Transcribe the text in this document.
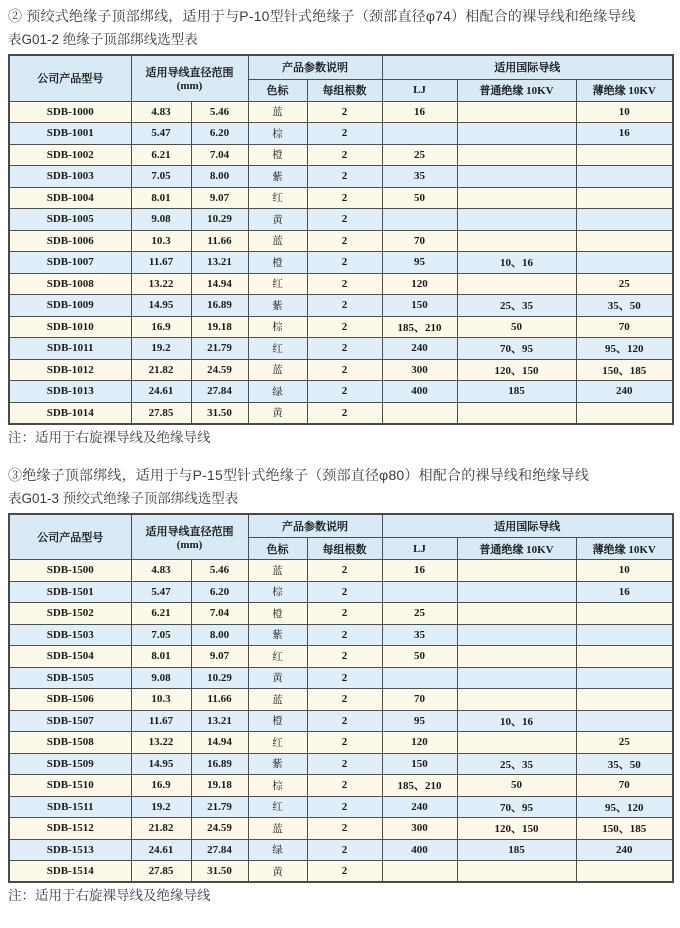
② 预绞式绝缘子顶部绑线，适用于与P-10型针式绝缘子（颈部直径φ74）相配合的裸导线和绝缘导线

表G01-2 绝缘子顶部绑线选型表

公司产品型号	适用导线直径范围(mm)		产品参数说明		适用国际导线		
			色标	每组根数	LJ	普通绝缘 10KV	薄绝缘 10KV
SDB-1000	4.83	5.46	蓝	2	16		10
SDB-1001	5.47	6.20	棕	2			16
SDB-1002	6.21	7.04	橙	2	25		
SDB-1003	7.05	8.00	紫	2	35		
SDB-1004	8.01	9.07	红	2	50		
SDB-1005	9.08	10.29	黄	2			
SDB-1006	10.3	11.66	蓝	2	70		
SDB-1007	11.67	13.21	橙	2	95	10、16	
SDB-1008	13.22	14.94	红	2	120		25
SDB-1009	14.95	16.89	紫	2	150	25、35	35、50
SDB-1010	16.9	19.18	棕	2	185、210	50	70
SDB-1011	19.2	21.79	红	2	240	70、95	95、120
SDB-1012	21.82	24.59	蓝	2	300	120、150	150、185
SDB-1013	24.61	27.84	绿	2	400	185	240
SDB-1014	27.85	31.50	黄	2			

注：适用于右旋裸导线及绝缘导线

③绝缘子顶部绑线，适用于与P-15型针式绝缘子（颈部直径φ80）相配合的裸导线和绝缘导线

表G01-3 预绞式绝缘子顶部绑线选型表

公司产品型号	适用导线直径范围(mm)		产品参数说明		适用国际导线		
			色标	每组根数	LJ	普通绝缘 10KV	薄绝缘 10KV
SDB-1500	4.83	5.46	蓝	2	16		10
SDB-1501	5.47	6.20	棕	2			16
SDB-1502	6.21	7.04	橙	2	25		
SDB-1503	7.05	8.00	紫	2	35		
SDB-1504	8.01	9.07	红	2	50		
SDB-1505	9.08	10.29	黄	2			
SDB-1506	10.3	11.66	蓝	2	70		
SDB-1507	11.67	13.21	橙	2	95	10、16	
SDB-1508	13.22	14.94	红	2	120		25
SDB-1509	14.95	16.89	紫	2	150	25、35	35、50
SDB-1510	16.9	19.18	棕	2	185、210	50	70
SDB-1511	19.2	21.79	红	2	240	70、95	95、120
SDB-1512	21.82	24.59	蓝	2	300	120、150	150、185
SDB-1513	24.61	27.84	绿	2	400	185	240
SDB-1514	27.85	31.50	黄	2			

注：适用于右旋裸导线及绝缘导线
